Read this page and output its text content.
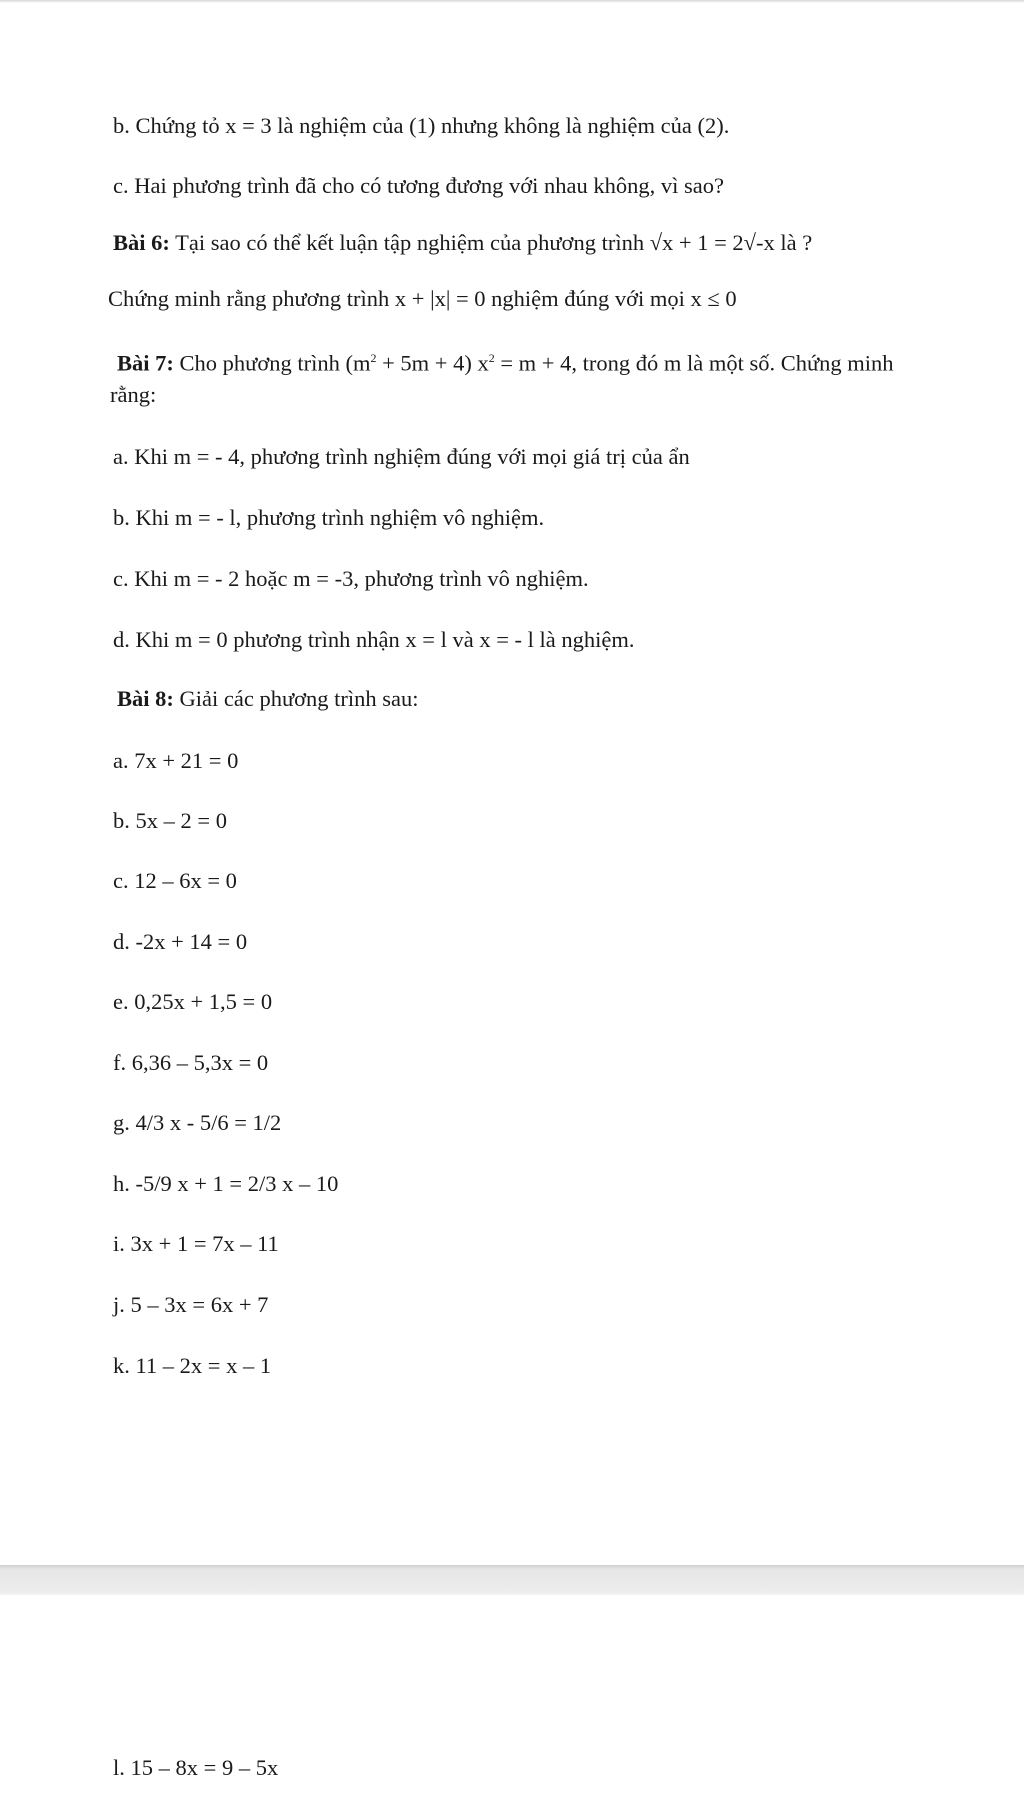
b. Chứng tỏ x = 3 là nghiệm của (1) nhưng không là nghiệm của (2).
c. Hai phương trình đã cho có tương đương với nhau không, vì sao?
Bài 6: Tại sao có thể kết luận tập nghiệm của phương trình √x + 1 = 2√-x là ?
Chứng minh rằng phương trình x + |x| = 0 nghiệm đúng với mọi x ≤ 0
Bài 7: Cho phương trình $(m^2 + 5m + 4) x^2 = m + 4$, trong đó m là một số. Chứng minh
rằng:
a. Khi m = - 4, phương trình nghiệm đúng với mọi giá trị của ẩn
b. Khi m = - l, phương trình nghiệm vô nghiệm.
c. Khi m = - 2 hoặc m = -3, phương trình vô nghiệm.
d. Khi m = 0 phương trình nhận x = l và x = - l là nghiệm.
Bài 8: Giải các phương trình sau:
a. 7x + 21 = 0
b. 5x – 2 = 0
c. 12 – 6x = 0
d. -2x + 14 = 0
e. 0,25x + 1,5 = 0
f. 6,36 – 5,3x = 0
g. 4/3 x - 5/6 = 1/2
h. -5/9 x + 1 = 2/3 x – 10
i. 3x + 1 = 7x – 11
j. 5 – 3x = 6x + 7
k. 11 – 2x = x – 1
l. 15 – 8x = 9 – 5x
